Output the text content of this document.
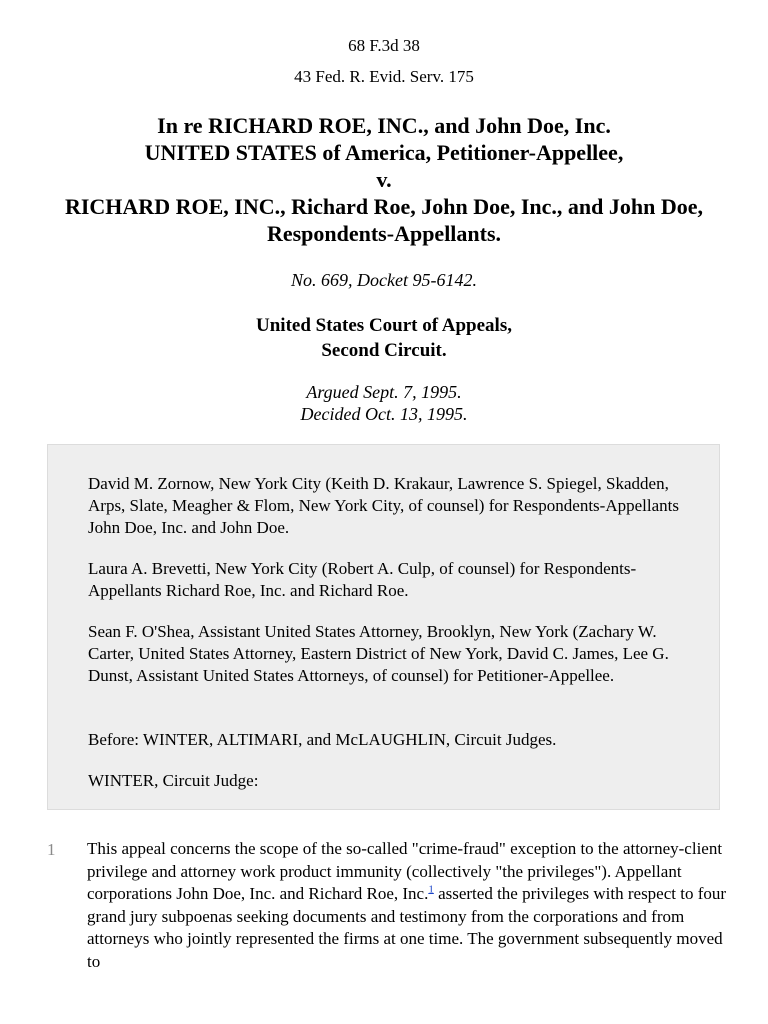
68 F.3d 38
43 Fed. R. Evid. Serv. 175
In re RICHARD ROE, INC., and John Doe, Inc.
UNITED STATES of America, Petitioner-Appellee,
v.
RICHARD ROE, INC., Richard Roe, John Doe, Inc., and John Doe, Respondents-Appellants.
No. 669, Docket 95-6142.
United States Court of Appeals,
Second Circuit.
Argued Sept. 7, 1995.
Decided Oct. 13, 1995.

David M. Zornow, New York City (Keith D. Krakaur, Lawrence S. Spiegel, Skadden, Arps, Slate, Meagher & Flom, New York City, of counsel) for Respondents-Appellants John Doe, Inc. and John Doe.

Laura A. Brevetti, New York City (Robert A. Culp, of counsel) for Respondents-Appellants Richard Roe, Inc. and Richard Roe.

Sean F. O'Shea, Assistant United States Attorney, Brooklyn, New York (Zachary W. Carter, United States Attorney, Eastern District of New York, David C. James, Lee G. Dunst, Assistant United States Attorneys, of counsel) for Petitioner-Appellee.

Before: WINTER, ALTIMARI, and McLAUGHLIN, Circuit Judges.

WINTER, Circuit Judge:

1 This appeal concerns the scope of the so-called "crime-fraud" exception to the attorney-client privilege and attorney work product immunity (collectively "the privileges"). Appellant corporations John Doe, Inc. and Richard Roe, Inc.$^1$ asserted the privileges with respect to four grand jury subpoenas seeking documents and testimony from the corporations and from attorneys who jointly represented the firms at one time. The government subsequently moved to
